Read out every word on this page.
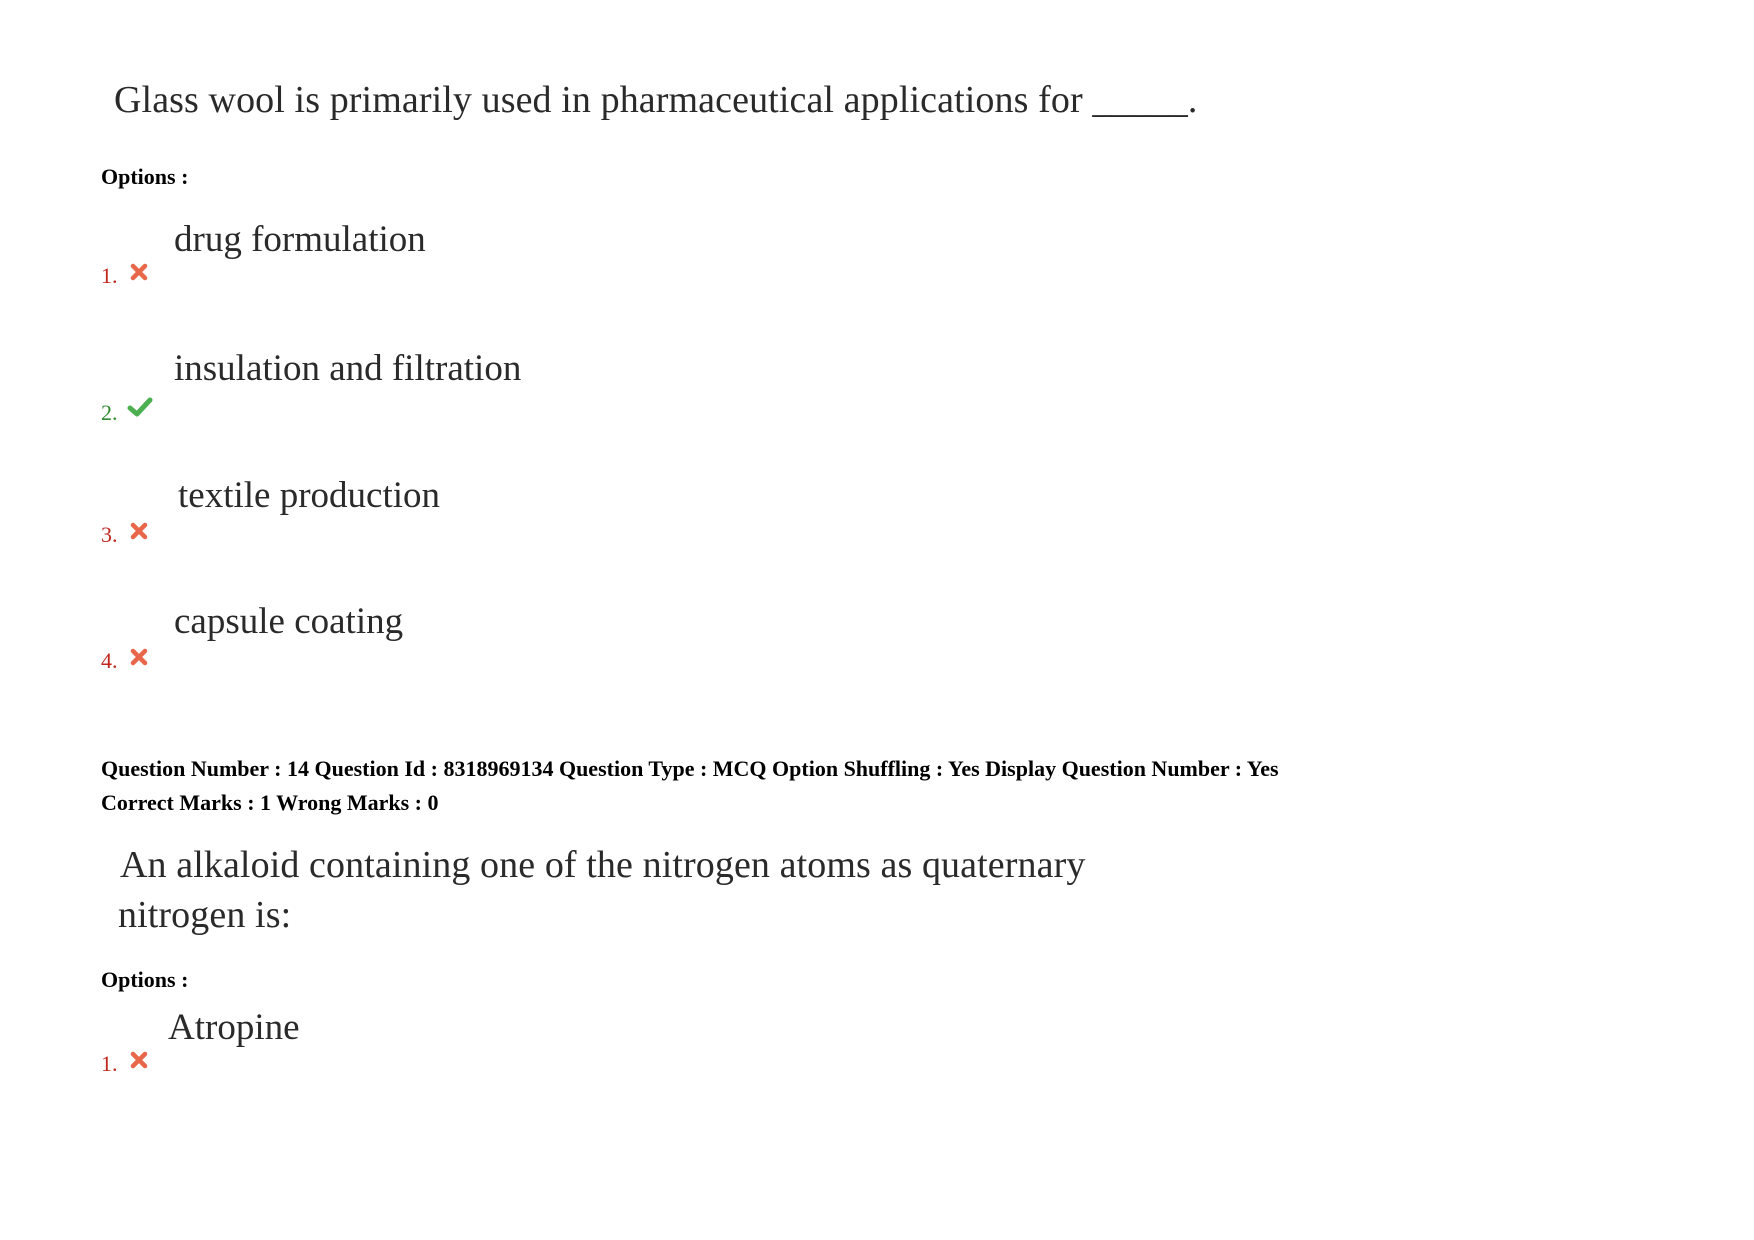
Glass wool is primarily used in pharmaceutical applications for _____.
Options :
drug formulation
1.
insulation and filtration
2.
textile production
3.
capsule coating
4.
Question Number : 14 Question Id : 8318969134 Question Type : MCQ Option Shuffling : Yes Display Question Number : Yes
Correct Marks : 1 Wrong Marks : 0
An alkaloid containing one of the nitrogen atoms as quaternary
nitrogen is:
Options :
Atropine
1.
